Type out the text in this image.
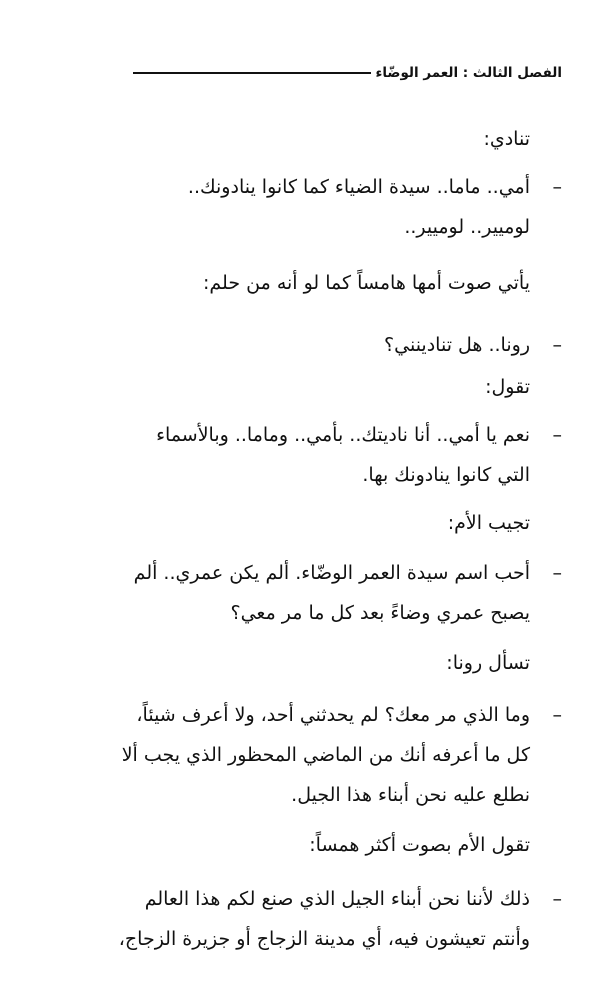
الفصل الثالث : العمر الوضّاء
تنادي:
–
أمي.. ماما.. سيدة الضياء كما كانوا ينادونك..
لوميير.. لوميير..
يأتي صوت أمها هامساً كما لو أنه من حلم:
–
رونا.. هل تنادينني؟
تقول:
–
نعم يا أمي.. أنا ناديتك.. بأمي.. وماما.. وبالأسماء
التي كانوا ينادونك بها.
تجيب الأم:
–
أحب اسم سيدة العمر الوضّاء. ألم يكن عمري.. ألم
يصبح عمري وضاءً بعد كل ما مر معي؟
تسأل رونا:
–
وما الذي مر معك؟ لم يحدثني أحد، ولا أعرف شيئاً،
كل ما أعرفه أنك من الماضي المحظور الذي يجب ألا
نطلع عليه نحن أبناء هذا الجيل.
تقول الأم بصوت أكثر همساً:
–
ذلك لأننا نحن أبناء الجيل الذي صنع لكم هذا العالم
وأنتم تعيشون فيه، أي مدينة الزجاج أو جزيرة الزجاج،
